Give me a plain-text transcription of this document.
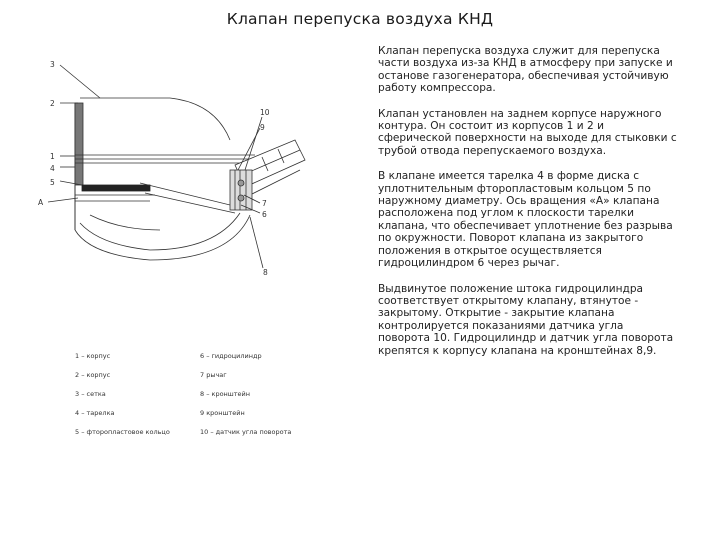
Клапан перепуска воздуха КНД

Клапан перепуска воздуха служит для перепуска части воздуха из-за КНД в атмосферу при запуске и останове газогенератора, обеспечивая устойчивую работу компрессора.

Клапан установлен на заднем корпусе наружного контура. Он состоит из корпусов 1 и 2 и сферической поверхности на выходе для стыковки с трубой отвода перепускаемого воздуха.

В клапане имеется тарелка 4 в форме диска с уплотнительным фторопластовым кольцом 5 по наружному диаметру. Ось вращения «А» клапана расположена под углом к плоскости тарелки клапана, что обеспечивает уплотнение без разрыва по окружности. Поворот клапана из закрытого положения в открытое осуществляется гидроцилиндром 6 через рычаг.

Выдвинутое положение штока гидроцилиндра соответствует открытому клапану, втянутое - закрытому. Открытие - закрытие клапана контролируется показаниями датчика угла поворота 10. Гидроцилиндр и датчик угла поворота крепятся к корпусу клапана на кронштейнах 8,9.

3
2
1
4
5
А
10
9
7
6
8
1 – корпус
2 – корпус
3 – сетка
4 – тарелка
5 – фторопластовое кольцо
6 – гидроцилиндр
7 рычаг
8 – кронштейн
9 кронштейн
10 – датчик угла поворота
